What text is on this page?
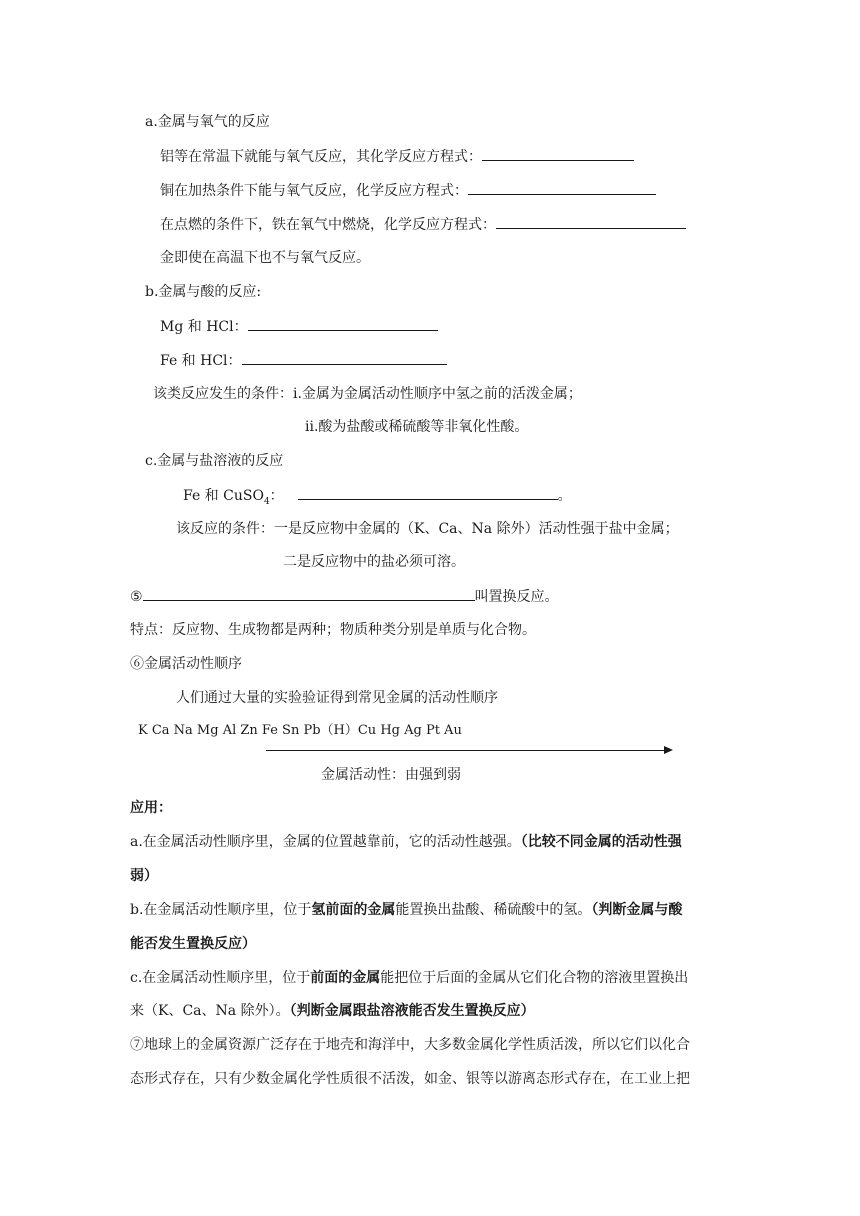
a.金属与氧气的反应
铝等在常温下就能与氧气反应，其化学反应方程式：
铜在加热条件下能与氧气反应，化学反应方程式：
在点燃的条件下，铁在氧气中燃烧，化学反应方程式：
金即使在高温下也不与氧气反应。
b.金属与酸的反应:
Mg 和 HCl：
Fe 和 HCl：
该类反应发生的条件：i.金属为金属活动性顺序中氢之前的活泼金属；
ii.酸为盐酸或稀硫酸等非氧化性酸。
c.金属与盐溶液的反应
Fe 和 CuSO$_4$：	。
该反应的条件：一是反应物中金属的（K、Ca、Na 除外）活动性强于盐中金属；
二是反应物中的盐必须可溶。
⑤	叫置换反应。
特点：反应物、生成物都是两种；物质种类分别是单质与化合物。
⑥金属活动性顺序
人们通过大量的实验验证得到常见金属的活动性顺序
K Ca Na Mg Al Zn Fe Sn Pb（H）Cu Hg Ag Pt Au
金属活动性：由强到弱
应用：
a.在金属活动性顺序里，金属的位置越靠前，它的活动性越强。（比较不同金属的活动性强
弱）
b.在金属活动性顺序里，位于氢前面的金属能置换出盐酸、稀硫酸中的氢。（判断金属与酸
能否发生置换反应）
c.在金属活动性顺序里，位于前面的金属能把位于后面的金属从它们化合物的溶液里置换出
来（K、Ca、Na 除外）。（判断金属跟盐溶液能否发生置换反应）
⑦地球上的金属资源广泛存在于地壳和海洋中，大多数金属化学性质活泼，所以它们以化合
态形式存在，只有少数金属化学性质很不活泼，如金、银等以游离态形式存在，在工业上把
